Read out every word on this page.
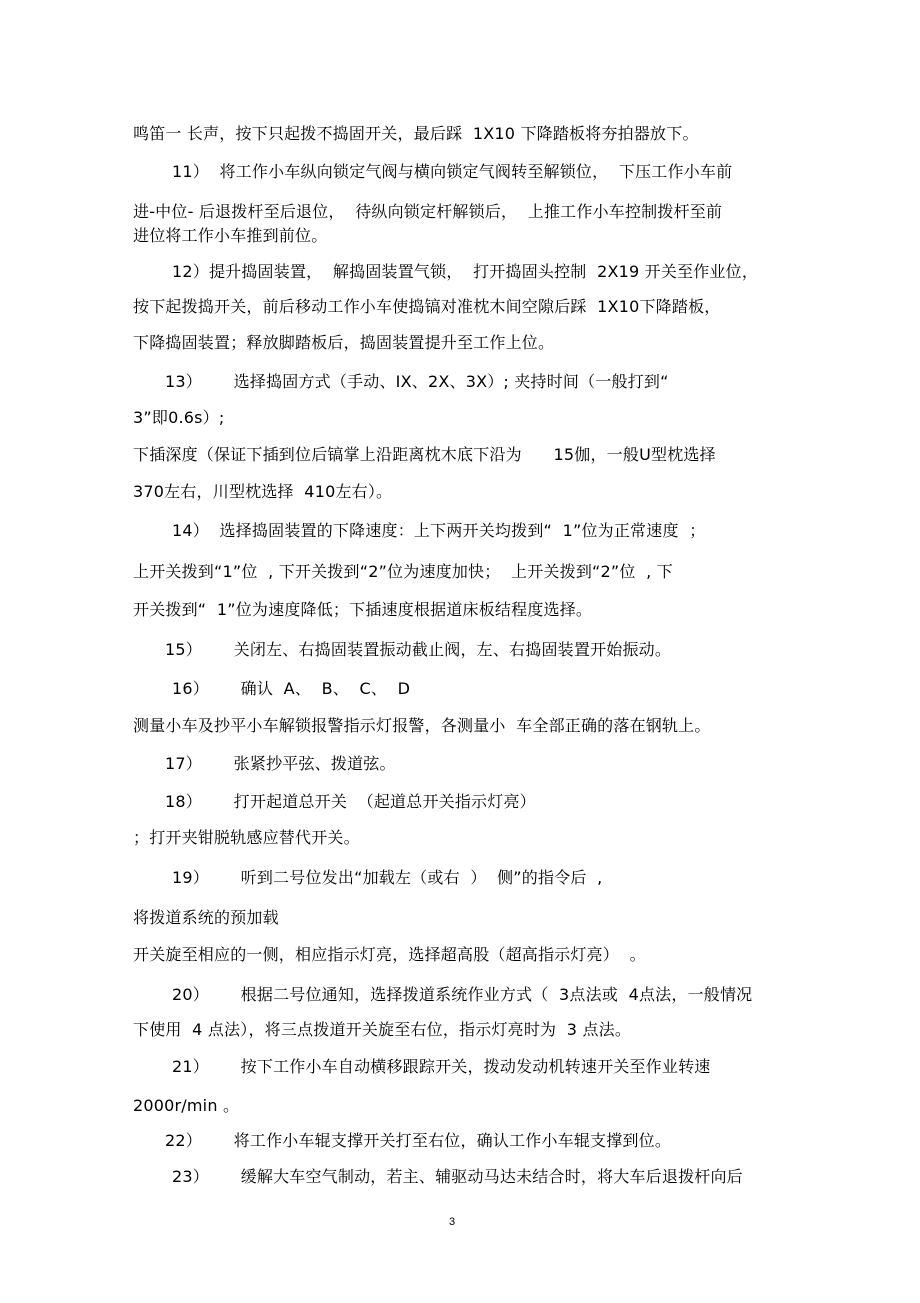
鸣笛一 长声，按下只起拨不捣固开关，最后踩  1X10 下降踏板将夯拍器放下。
11）  将工作小车纵向锁定气阀与横向锁定气阀转至解锁位，  下压工作小车前
进-中位- 后退拨杆至后退位，  待纵向锁定杆解锁后，  上推工作小车控制拨杆至前
进位将工作小车推到前位。
12）提升捣固装置，  解捣固装置气锁，  打开捣固头控制  2X19 开关至作业位，
按下起拨捣开关，前后移动工作小车使捣镐对准枕木间空隙后踩  1X10下降踏板，
下降捣固装置；释放脚踏板后，捣固装置提升至工作上位。
13）      选择捣固方式（手动、IX、2X、3X）; 夹持时间（一般打到“
3”即0.6s）;
下插深度（保证下插到位后镐掌上沿距离枕木底下沿为      15伽，一般U型枕选择
370左右，川型枕选择  410左右）。
14）  选择捣固装置的下降速度：上下两开关均拨到“  1”位为正常速度  ；
上开关拨到“1”位  , 下开关拨到“2”位为速度加快；  上开关拨到“2”位  , 下
开关拨到“  1”位为速度降低；下插速度根据道床板结程度选择。
15）      关闭左、右捣固装置振动截止阀，左、右捣固装置开始振动。
16）      确认  A、  B、  C、  D
测量小车及抄平小车解锁报警指示灯报警，各测量小  车全部正确的落在钢轨上。
17）      张紧抄平弦、拨道弦。
18）      打开起道总开关  （起道总开关指示灯亮）
；打开夹钳脱轨感应替代开关。
19）      听到二号位发出“加载左（或右  ）  侧”的指令后  ,
将拨道系统的预加载
开关旋至相应的一侧，相应指示灯亮，选择超高股（超高指示灯亮）  。
20）      根据二号位通知，选择拨道系统作业方式（  3点法或  4点法，一般情况
下使用  4 点法），将三点拨道开关旋至右位，指示灯亮时为  3 点法。
21）      按下工作小车自动横移跟踪开关，拨动发动机转速开关至作业转速
2000r/min 。
22）      将工作小车辊支撑开关打至右位，确认工作小车辊支撑到位。
23）      缓解大车空气制动，若主、辅驱动马达未结合时，将大车后退拨杆向后
3
